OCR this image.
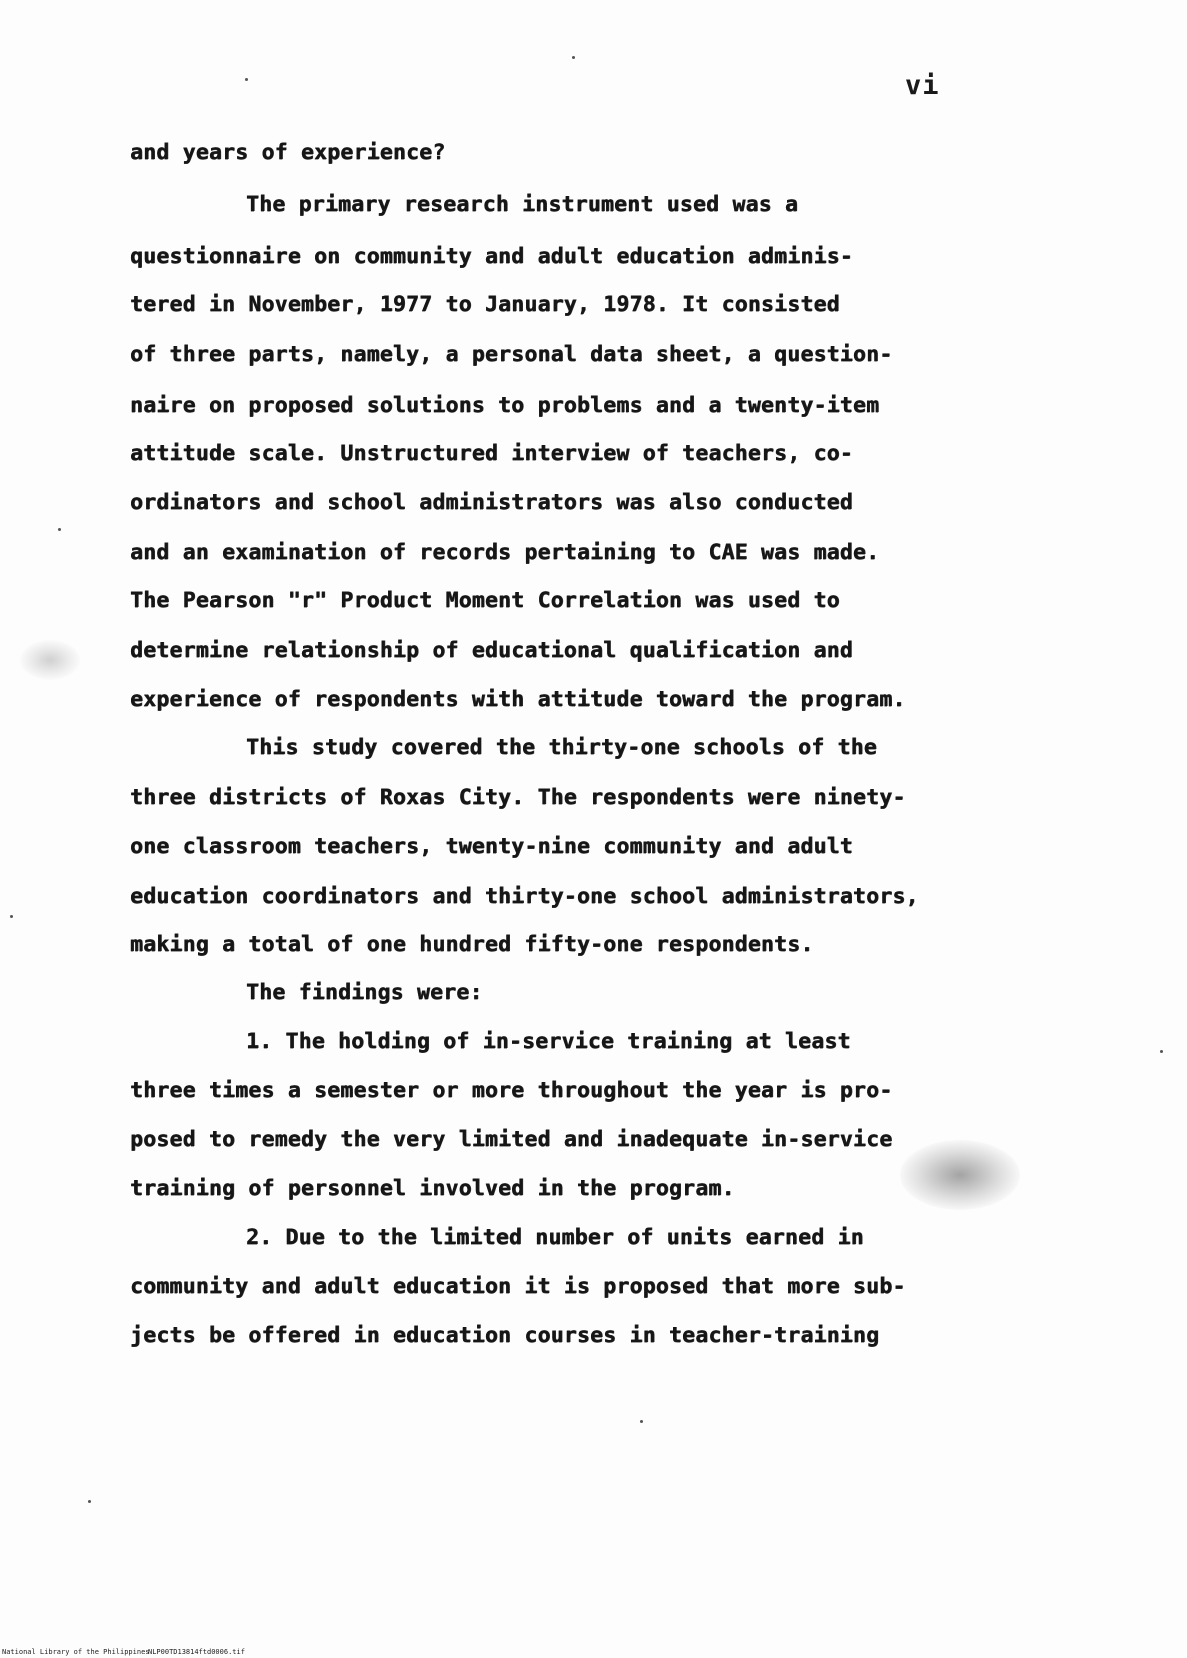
vi
and years of experience?
The primary research instrument used was a
questionnaire on community and adult education adminis-
tered in November, 1977 to January, 1978. It consisted
of three parts, namely, a personal data sheet, a question-
naire on proposed solutions to problems and a twenty-item
attitude scale. Unstructured interview of teachers, co-
ordinators and school administrators was also conducted
and an examination of records pertaining to CAE was made.
The Pearson "r" Product Moment Correlation was used to
determine relationship of educational qualification and
experience of respondents with attitude toward the program.
This study covered the thirty-one schools of the
three districts of Roxas City. The respondents were ninety-
one classroom teachers, twenty-nine community and adult
education coordinators and thirty-one school administrators,
making a total of one hundred fifty-one respondents.
The findings were:
1. The holding of in-service training at least
three times a semester or more throughout the year is pro-
posed to remedy the very limited and inadequate in-service
training of personnel involved in the program.
2. Due to the limited number of units earned in
community and adult education it is proposed that more sub-
jects be offered in education courses in teacher-training
National Library of the Philippines
NLP00TD13814ftd0006.tif
